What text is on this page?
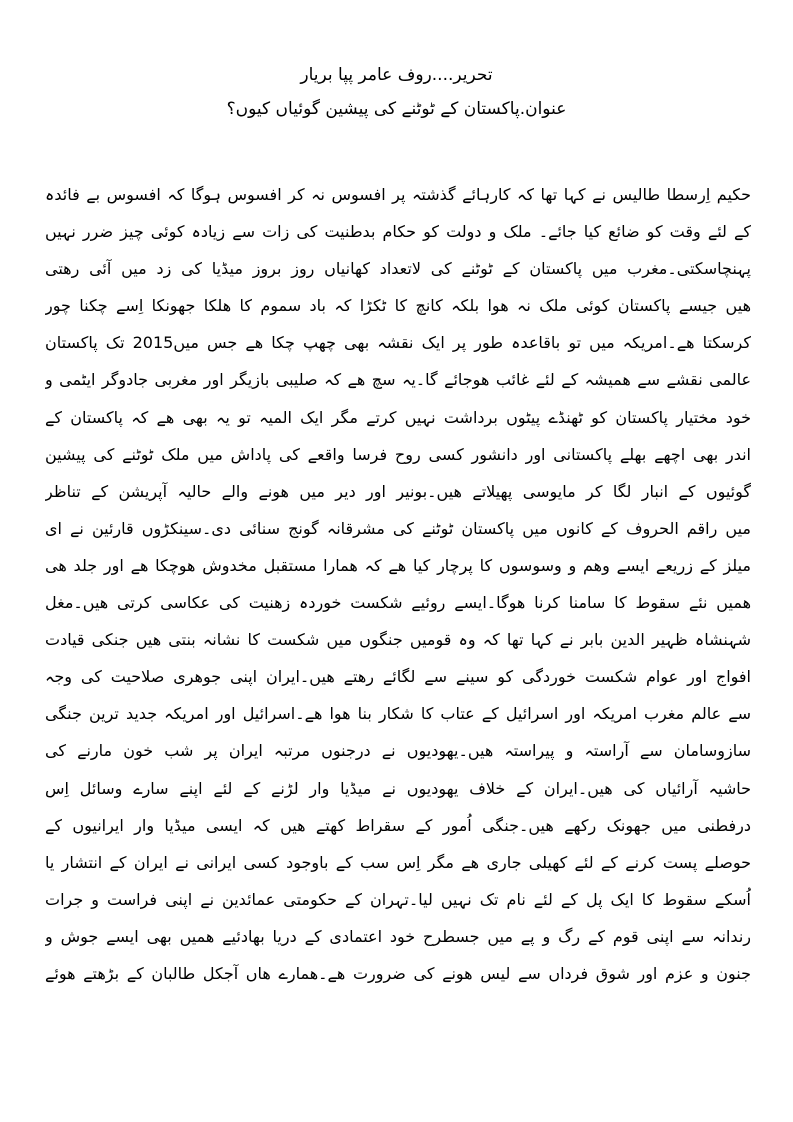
تحریر....روف عامر پپا بریار
عنوان.پاکستان کے ٹوٹنے کی پیشین گوئیاں کیوں؟
حکیم اِرسطا طالیس نے کہا تھا کہ کارہائے گذشتہ پر افسوس نہ کر افسوس ہوگا کہ افسوس بے فائدہ
کے لئے وقت کو ضائع کیا جائے۔ ملک و دولت کو حکام بدطنیت کی زات سے زیادہ کوئی چیز ضرر نہیں
پہنچاسکتی۔مغرب میں پاکستان کے ٹوٹنے کی لاتعداد کھانیاں روز بروز میڈیا کی زد میں آئی رھتی
ھیں جیسے پاکستان کوئی ملک نہ ھوا بلکہ کانچ کا ٹکڑا کہ باد سموم کا ھلکا جھونکا اِسے چکنا چور
کرسکتا ھے۔امریکہ میں تو باقاعدہ طور پر ایک نقشہ بھی چھپ چکا ھے جس میں2015 تک پاکستان
عالمی نقشے سے ھمیشہ کے لئے غائب ھوجائے گا۔یہ سچ ھے کہ صلیبی بازیگر اور مغربی جادوگر ایٹمی و
خود مختیار پاکستان کو ٹھنڈے پیٹوں برداشت نہیں کرتے مگر ایک المیہ تو یہ بھی ھے کہ پاکستان کے
اندر بھی اچھے بھلے پاکستانی اور دانشور کسی روح فرسا واقعے کی پاداش میں ملک ٹوٹنے کی پیشین
گوئیوں کے انبار لگا کر مایوسی پھیلاتے ھیں۔بونیر اور دیر میں ھونے والے حالیہ آپریشن کے تناظر
میں راقم الحروف کے کانوں میں پاکستان ٹوٹنے کی مشرقانہ گونج سنائی دی۔سینکڑوں قارئین نے ای
میلز کے زریعے ایسے وھم و وسوسوں کا پرچار کیا ھے کہ ھمارا مستقبل مخدوش ھوچکا ھے اور جلد ھی
ھمیں نئے سقوط کا سامنا کرنا ھوگا۔ایسے روئیے شکست خوردہ زھنیت کی عکاسی کرتی ھیں۔مغل
شہنشاہ ظہیر الدین بابر نے کہا تھا کہ وہ قومیں جنگوں میں شکست کا نشانہ بنتی ھیں جنکی قیادت
افواج اور عوام شکست خوردگی کو سینے سے لگائے رھتے ھیں۔ایران اپنی جوھری صلاحیت کی وجہ
سے عالم مغرب امریکہ اور اسرائیل کے عتاب کا شکار بنا ھوا ھے۔اسرائیل اور امریکہ جدید ترین جنگی
سازوسامان سے آراستہ و پیراستہ ھیں۔یھودیوں نے درجنوں مرتبہ ایران پر شب خون مارنے کی
حاشیہ آرائیاں کی ھیں۔ایران کے خلاف یھودیوں نے میڈیا وار لڑنے کے لئے اپنے سارے وسائل اِس
درفطنی میں جھونک رکھے ھیں۔جنگی اُمور کے سقراط کھتے ھیں کہ ایسی میڈیا وار ایرانیوں کے
حوصلے پست کرنے کے لئے کھیلی جاری ھے مگر اِس سب کے باوجود کسی ایرانی نے ایران کے انتشار یا
اُسکے سقوط کا ایک پل کے لئے نام تک نہیں لیا۔تہران کے حکومتی عمائدین نے اپنی فراست و جرات
رندانہ سے اپنی قوم کے رگ و پے میں جسطرح خود اعتمادی کے دریا بھادئیے ھمیں بھی ایسے جوش و
جنون و عزم اور شوق فرداں سے لیس ھونے کی ضرورت ھے۔ھمارے ھاں آجکل طالبان کے بڑھتے ھوئے
